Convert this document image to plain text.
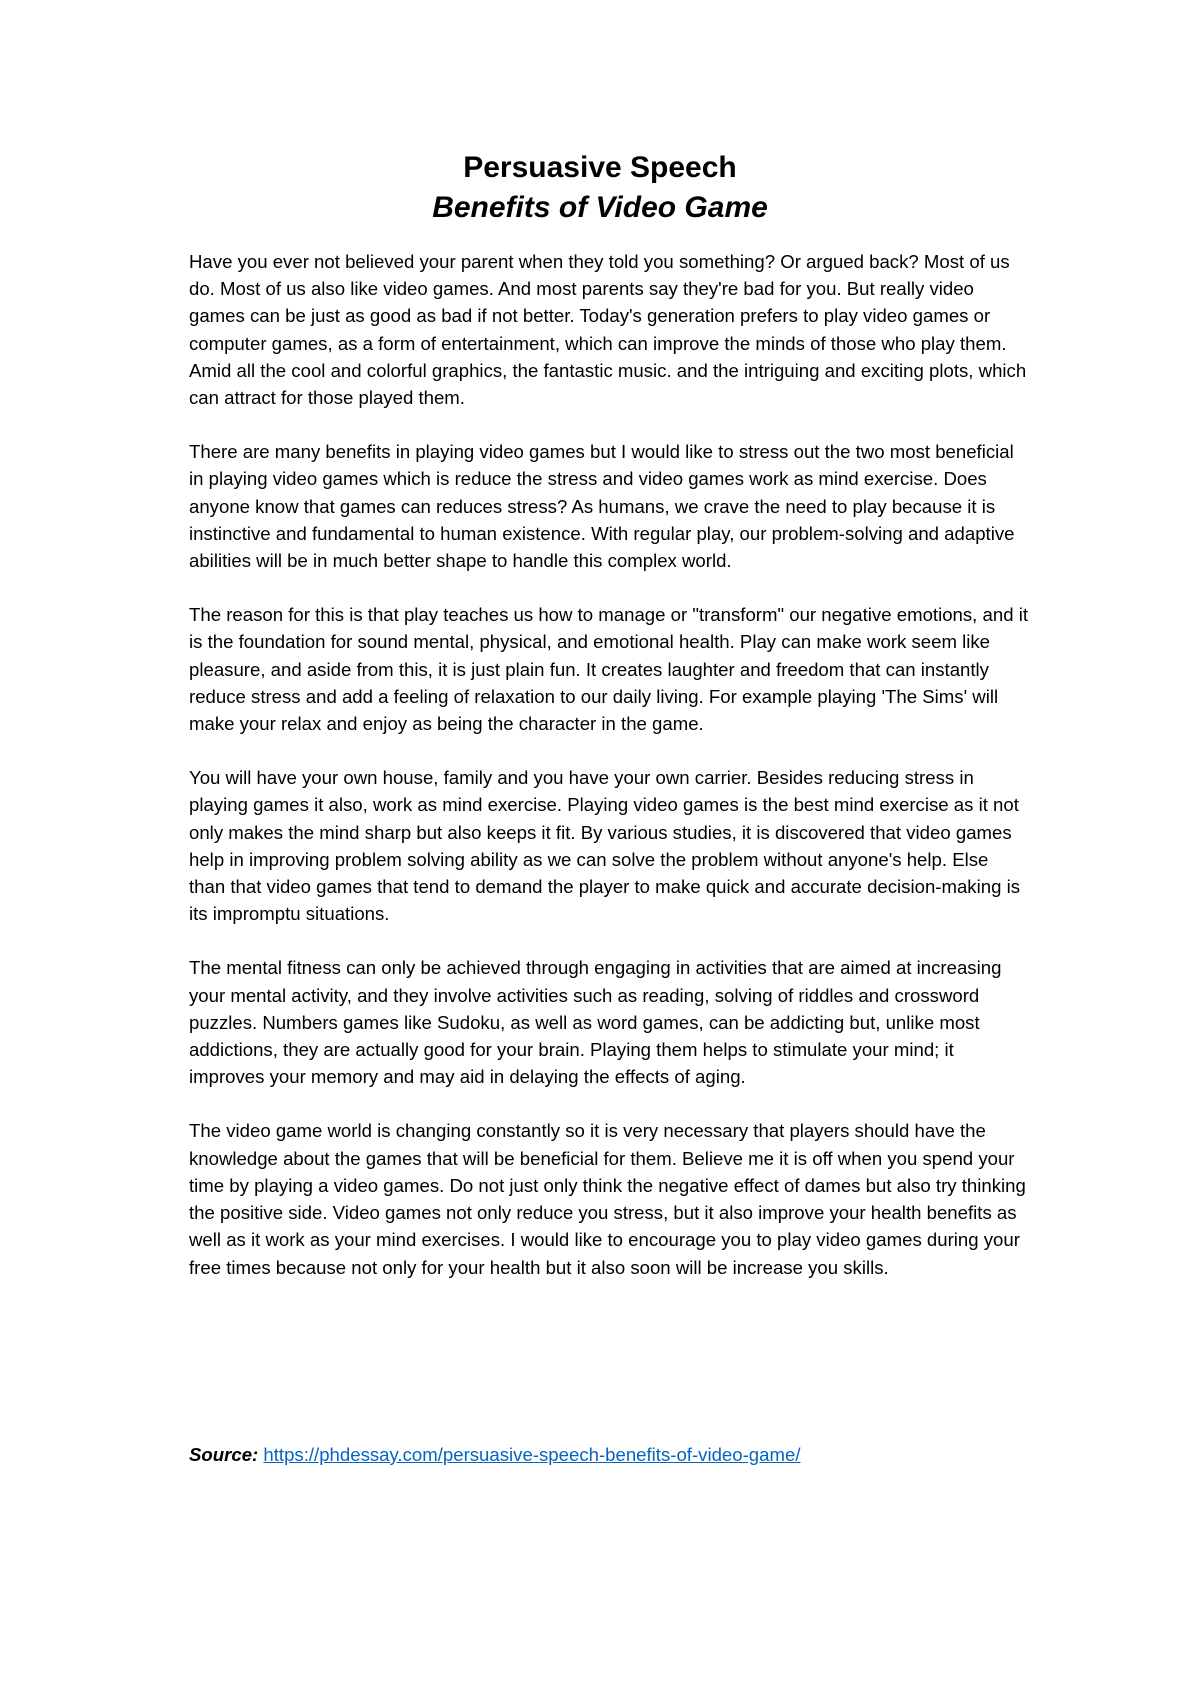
Persuasive Speech

Benefits of Video Game

Have you ever not believed your parent when they told you something? Or argued back? Most of us do. Most of us also like video games. And most parents say they're bad for you. But really video games can be just as good as bad if not better. Today's generation prefers to play video games or computer games, as a form of entertainment, which can improve the minds of those who play them. Amid all the cool and colorful graphics, the fantastic music. and the intriguing and exciting plots, which can attract for those played them.

There are many benefits in playing video games but I would like to stress out the two most beneficial in playing video games which is reduce the stress and video games work as mind exercise. Does anyone know that games can reduces stress? As humans, we crave the need to play because it is instinctive and fundamental to human existence. With regular play, our problem-solving and adaptive abilities will be in much better shape to handle this complex world.

The reason for this is that play teaches us how to manage or "transform" our negative emotions, and it is the foundation for sound mental, physical, and emotional health. Play can make work seem like pleasure, and aside from this, it is just plain fun. It creates laughter and freedom that can instantly reduce stress and add a feeling of relaxation to our daily living. For example playing 'The Sims' will make your relax and enjoy as being the character in the game.

You will have your own house, family and you have your own carrier. Besides reducing stress in playing games it also, work as mind exercise. Playing video games is the best mind exercise as it not only makes the mind sharp but also keeps it fit. By various studies, it is discovered that video games help in improving problem solving ability as we can solve the problem without anyone's help. Else than that video games that tend to demand the player to make quick and accurate decision-making is its impromptu situations.

The mental fitness can only be achieved through engaging in activities that are aimed at increasing your mental activity, and they involve activities such as reading, solving of riddles and crossword puzzles. Numbers games like Sudoku, as well as word games, can be addicting but, unlike most addictions, they are actually good for your brain. Playing them helps to stimulate your mind; it improves your memory and may aid in delaying the effects of aging.

The video game world is changing constantly so it is very necessary that players should have the knowledge about the games that will be beneficial for them. Believe me it is off when you spend your time by playing a video games. Do not just only think the negative effect of dames but also try thinking the positive side. Video games not only reduce you stress, but it also improve your health benefits as well as it work as your mind exercises. I would like to encourage you to play video games during your free times because not only for your health but it also soon will be increase you skills.

Source: https://phdessay.com/persuasive-speech-benefits-of-video-game/
